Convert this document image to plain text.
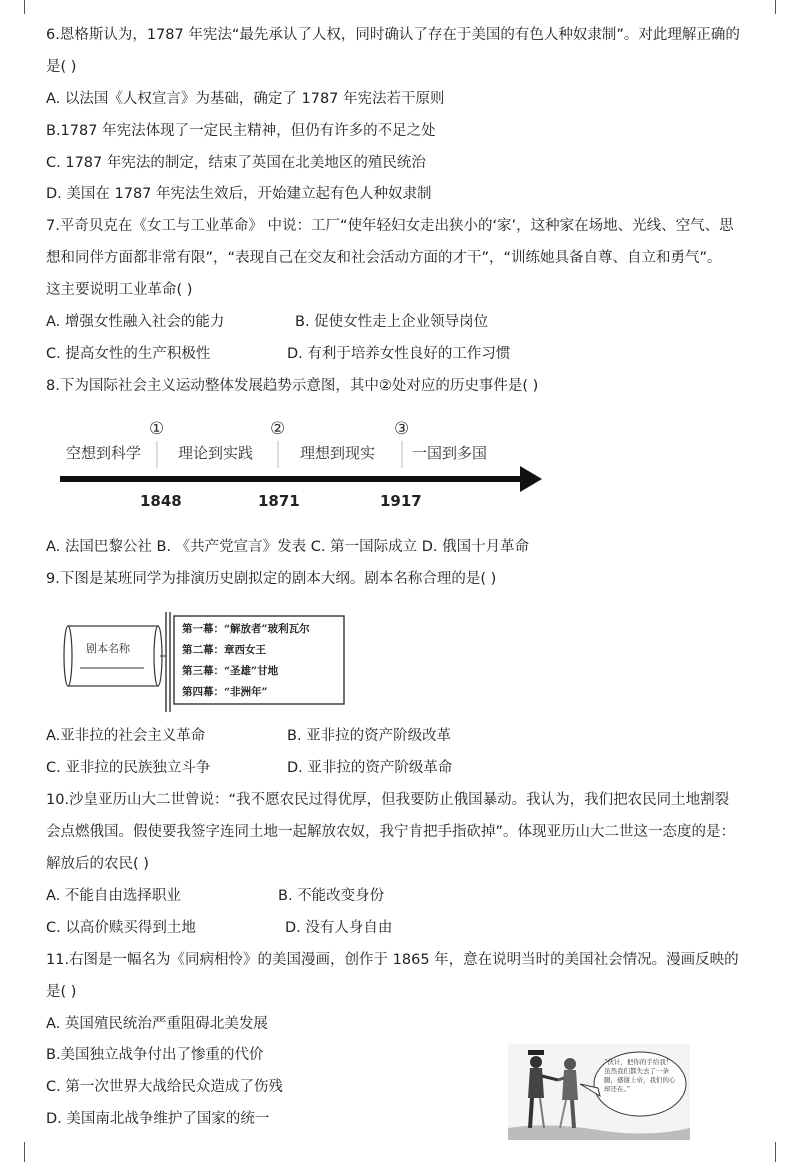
6.恩格斯认为，1787 年宪法“最先承认了人权，同时确认了存在于美国的有色人种奴隶制”。对此理解正确的
是( )
A. 以法国《人权宣言》为基础，确定了 1787 年宪法若干原则
B.1787 年宪法体现了一定民主精神，但仍有许多的不足之处
C. 1787 年宪法的制定，结束了英国在北美地区的殖民统治
D. 美国在 1787 年宪法生效后，开始建立起有色人种奴隶制
7.平奇贝克在《女工与工业革命》 中说：工厂“使年轻妇女走出狭小的‘家’，这种家在场地、光线、空气、思
想和同伴方面都非常有限”，“表现自己在交友和社会活动方面的才干”，“训练她具备自尊、自立和勇气”。
这主要说明工业革命( )
A. 增强女性融入社会的能力	B. 促使女性走上企业领导岗位
C. 提高女性的生产积极性	D. 有利于培养女性良好的工作习惯
8.下为国际社会主义运动整体发展趋势示意图，其中②处对应的历史事件是( )
空想到科学 理论到实践	理想到现实 一国到多国
①	②	③
1848	1871	1917
A. 法国巴黎公社 B. 《共产党宣言》发表 C. 第一国际成立 D. 俄国十月革命
9.下图是某班同学为排演历史剧拟定的剧本大纲。剧本名称合理的是( )
剧本名称
第一幕：“解放者”玻利瓦尔
第二幕：章西女王
第三幕：“圣雄”甘地
第四幕：“非洲年”
A.亚非拉的社会主义革命	B. 亚非拉的资产阶级改革
C. 亚非拉的民族独立斗争	D. 亚非拉的资产阶级革命
10.沙皇亚历山大二世曾说：“我不愿农民过得优厚，但我要防止俄国暴动。我认为，我们把农民同土地割裂
会点燃俄国。假使要我签字连同土地一起解放农奴，我宁肯把手指砍掉”。体现亚历山大二世这一态度的是：
解放后的农民( )
A. 不能自由选择职业	B. 不能改变身份
C. 以高价赎买得到土地	D. 没有人身自由
11.右图是一幅名为《同病相怜》的美国漫画，创作于 1865 年，意在说明当时的美国社会情况。漫画反映的
是( )
A. 英国殖民统治严重阻碍北美发展
B.美国独立战争付出了惨重的代价
C. 第一次世界大战给民众造成了伤残
D. 美国南北战争维护了国家的统一
“伙计，把你的手给我！虽然我们都失去了一条腿，感谢上帝，我们的心却还在。”
